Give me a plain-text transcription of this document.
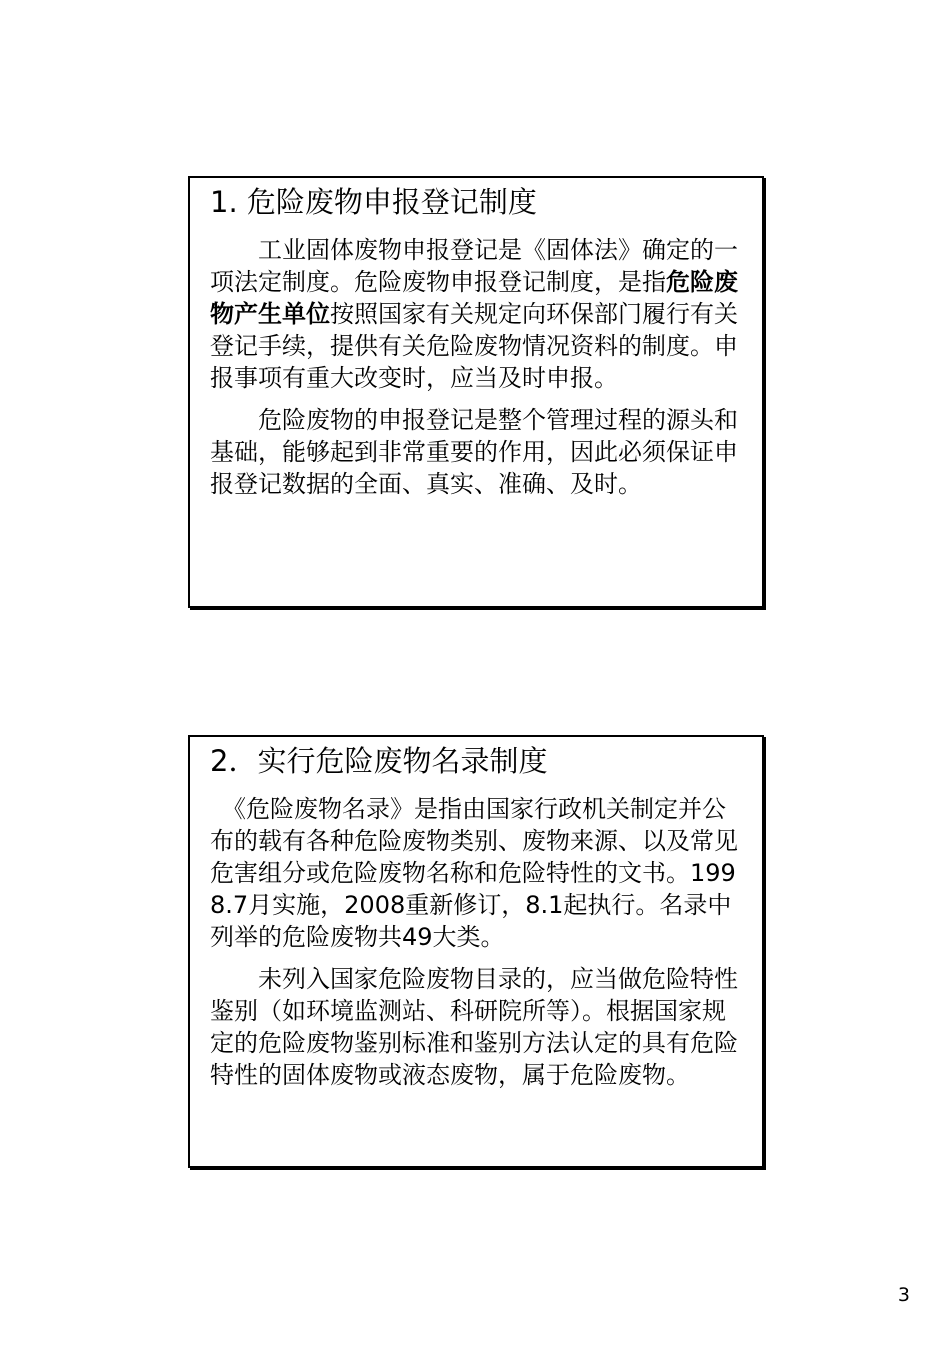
1. 危险废物申报登记制度

　　工业固体废物申报登记是《固体法》确定的一项法定制度。危险废物申报登记制度，是指危险废物产生单位按照国家有关规定向环保部门履行有关登记手续，提供有关危险废物情况资料的制度。申报事项有重大改变时，应当及时申报。

　　危险废物的申报登记是整个管理过程的源头和基础，能够起到非常重要的作用，因此必须保证申报登记数据的全面、真实、准确、及时。

2．实行危险废物名录制度

　《危险废物名录》是指由国家行政机关制定并公布的载有各种危险废物类别、废物来源、以及常见危害组分或危险废物名称和危险特性的文书。1998.7月实施，2008重新修订，8.1起执行。名录中列举的危险废物共49大类。

　　未列入国家危险废物目录的，应当做危险特性鉴别（如环境监测站、科研院所等）。根据国家规定的危险废物鉴别标准和鉴别方法认定的具有危险特性的固体废物或液态废物，属于危险废物。

3
